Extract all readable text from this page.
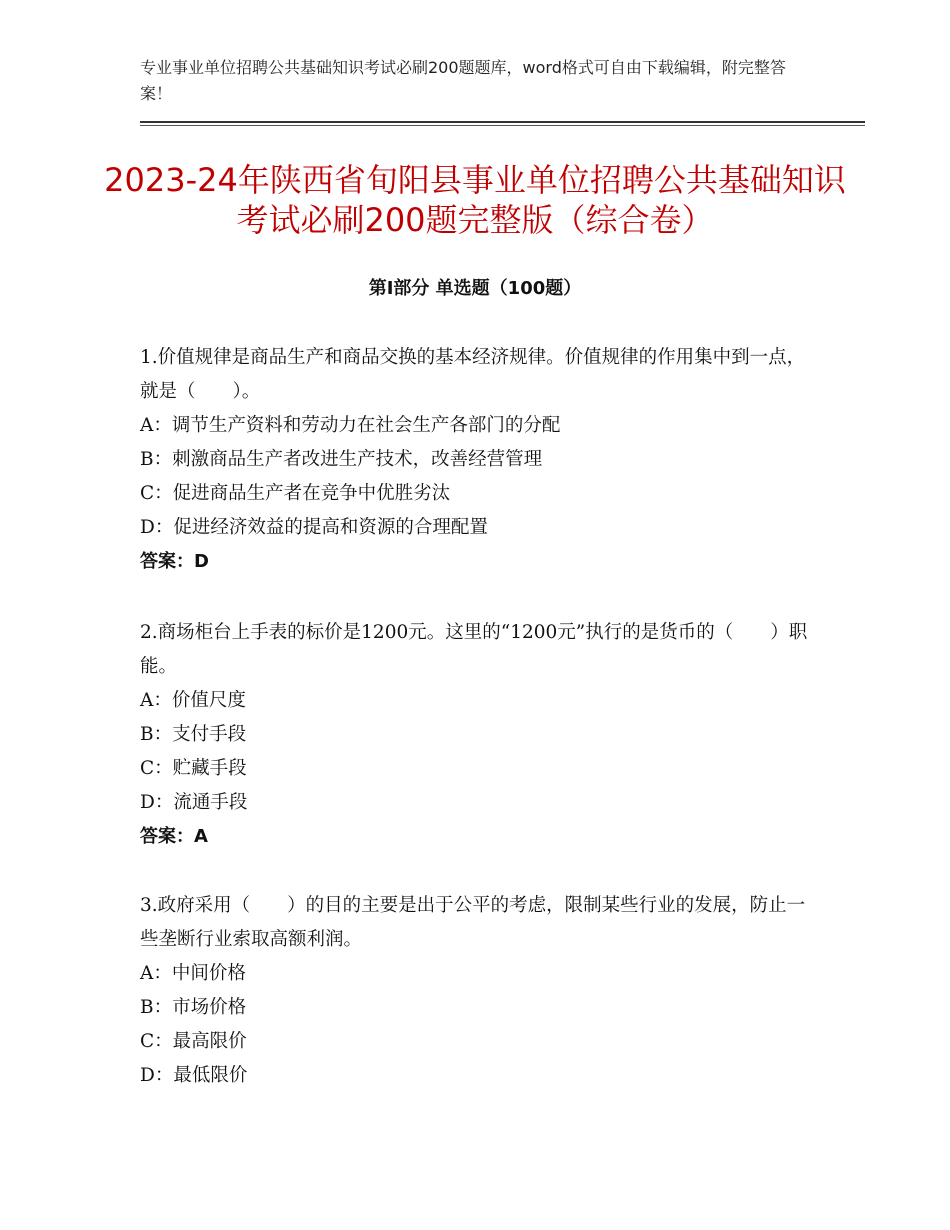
专业事业单位招聘公共基础知识考试必刷200题题库，word格式可自由下载编辑，附完整答案！
2023-24年陕西省旬阳县事业单位招聘公共基础知识考试必刷200题完整版（综合卷）
第Ⅰ部分 单选题（100题）

1.价值规律是商品生产和商品交换的基本经济规律。价值规律的作用集中到一点，就是（　　）。

A：调节生产资料和劳动力在社会生产各部门的分配

B：刺激商品生产者改进生产技术，改善经营管理

C：促进商品生产者在竞争中优胜劣汰

D：促进经济效益的提高和资源的合理配置

答案：D

2.商场柜台上手表的标价是1200元。这里的“1200元”执行的是货币的（　　）职能。

A：价值尺度

B：支付手段

C：贮藏手段

D：流通手段

答案：A

3.政府采用（　　）的目的主要是出于公平的考虑，限制某些行业的发展，防止一些垄断行业索取高额利润。

A：中间价格

B：市场价格

C：最高限价

D：最低限价
